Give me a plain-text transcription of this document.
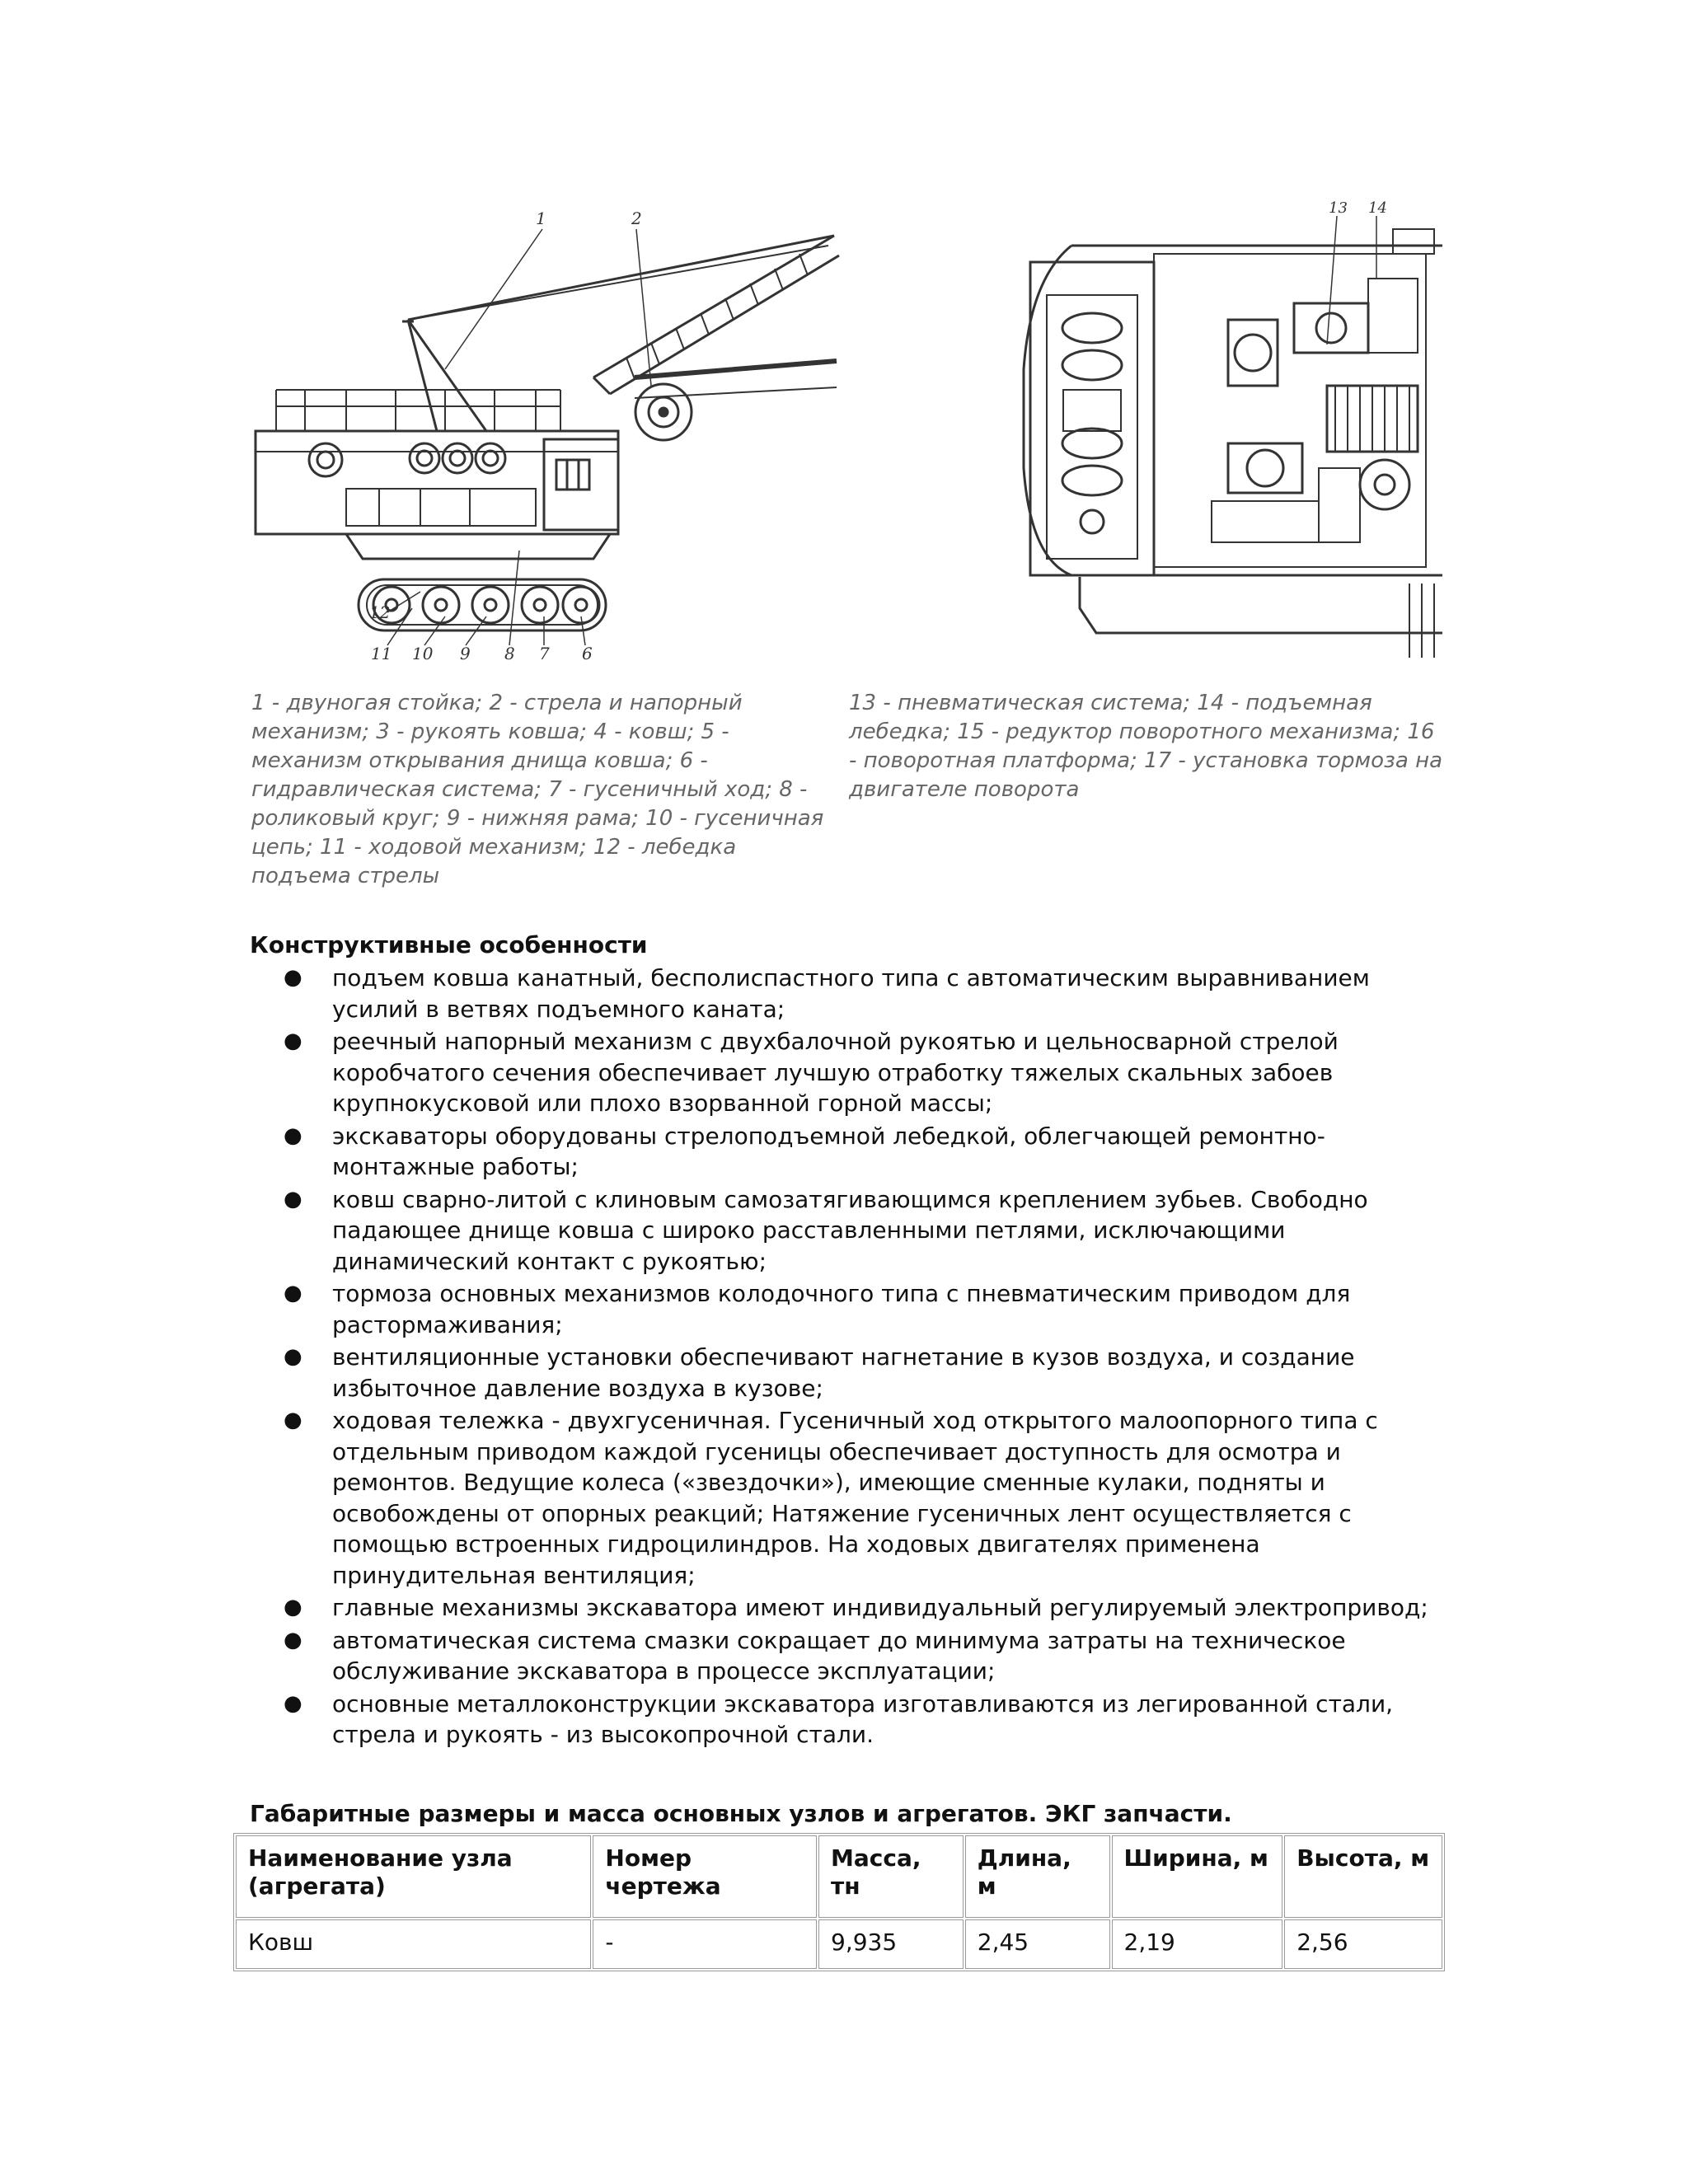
1	2
12
11 10 9 8 7 6
13 14

1 - двуногая стойка; 2 - стрела и напорный механизм; 3 - рукоять ковша; 4 - ковш; 5 - механизм открывания днища ковша; 6 - гидравлическая система; 7 - гусеничный ход; 8 - роликовый круг; 9 - нижняя рама; 10 - гусеничная цепь; 11 - ходовой механизм; 12 - лебедка подъема стрелы

13 - пневматическая система; 14 - подъемная лебедка; 15 - редуктор поворотного механизма; 16 - поворотная платформа; 17 - установка тормоза на двигателе поворота

Конструктивные особенности
● подъем ковша канатный, бесполиспастного типа с автоматическим выравниванием усилий в ветвях подъемного каната;
● реечный напорный механизм с двухбалочной рукоятью и цельносварной стрелой коробчатого сечения обеспечивает лучшую отработку тяжелых скальных забоев крупнокусковой или плохо взорванной горной массы;
● экскаваторы оборудованы стрелоподъемной лебедкой, облегчающей ремонтно-монтажные работы;
● ковш сварно-литой с клиновым самозатягивающимся креплением зубьев. Свободно падающее днище ковша с широко расставленными петлями, исключающими динамический контакт с рукоятью;
● тормоза основных механизмов колодочного типа с пневматическим приводом для растормаживания;
● вентиляционные установки обеспечивают нагнетание в кузов воздуха, и создание избыточное давление воздуха в кузове;
● ходовая тележка - двухгусеничная. Гусеничный ход открытого малоопорного типа с отдельным приводом каждой гусеницы обеспечивает доступность для осмотра и ремонтов. Ведущие колеса («звездочки»), имеющие сменные кулаки, подняты и освобождены от опорных реакций; Натяжение гусеничных лент осуществляется с помощью встроенных гидроцилиндров. На ходовых двигателях применена принудительная вентиляция;
● главные механизмы экскаватора имеют индивидуальный регулируемый электропривод;
● автоматическая система смазки сокращает до минимума затраты на техническое обслуживание экскаватора в процессе эксплуатации;
● основные металлоконструкции экскаватора изготавливаются из легированной стали, стрела и рукоять - из высокопрочной стали.
Габаритные размеры и масса основных узлов и агрегатов. ЭКГ запчасти.
Наименование узла (агрегата)	Номер чертежа	Масса, тн	Длина, м	Ширина, м	Высота, м
Ковш	-	9,935	2,45	2,19	2,56
